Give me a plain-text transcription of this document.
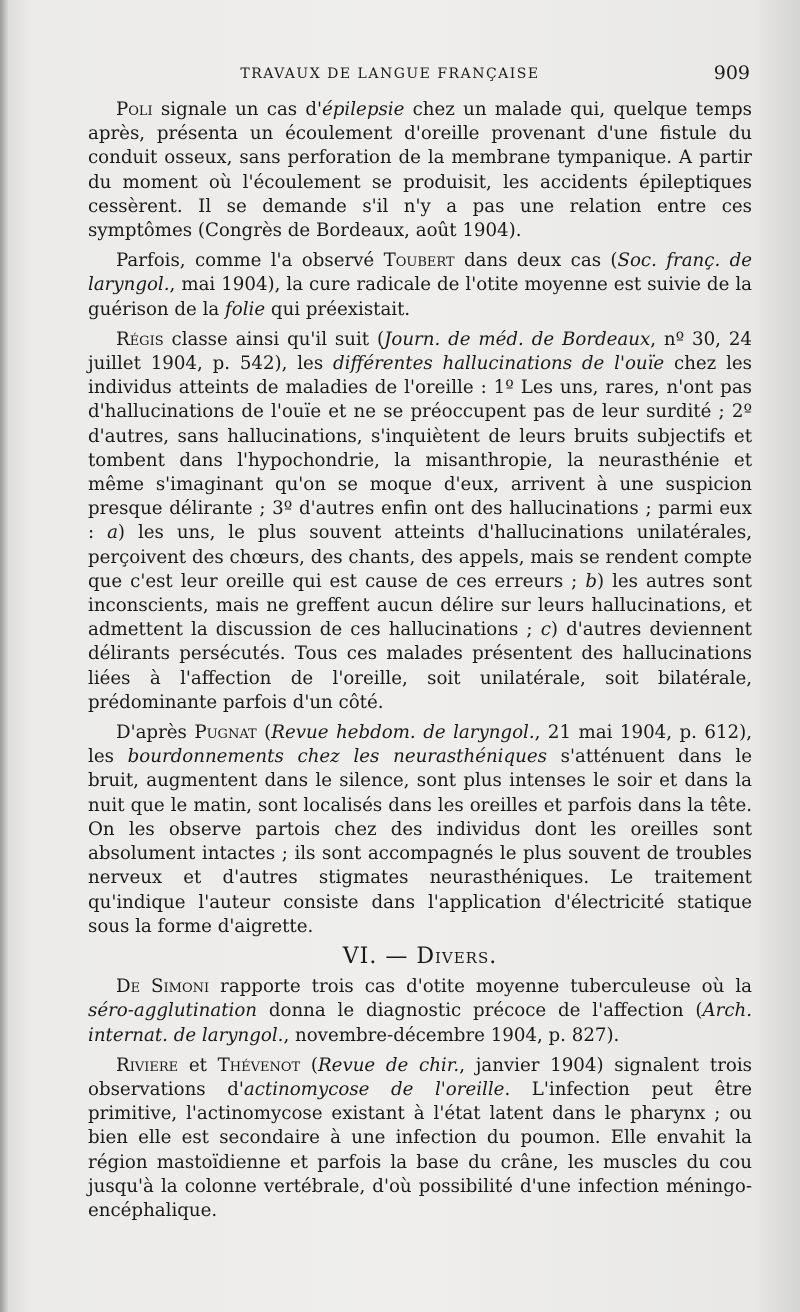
TRAVAUX DE LANGUE FRANÇAISE	909

Poli signale un cas d'épilepsie chez un malade qui, quelque temps après, présenta un écoulement d'oreille provenant d'une fistule du conduit osseux, sans perforation de la membrane tympanique. A partir du moment où l'écoulement se produisit, les accidents épileptiques cessèrent. Il se demande s'il n'y a pas une relation entre ces symptômes (Congrès de Bordeaux, août 1904).

Parfois, comme l'a observé Toubert dans deux cas (Soc. franç. de laryngol., mai 1904), la cure radicale de l'otite moyenne est suivie de la guérison de la folie qui préexistait.

Régis classe ainsi qu'il suit (Journ. de méd. de Bordeaux, nº 30, 24 juillet 1904, p. 542), les différentes hallucinations de l'ouïe chez les individus atteints de maladies de l'oreille : 1º Les uns, rares, n'ont pas d'hallucinations de l'ouïe et ne se préoccupent pas de leur surdité ; 2º d'autres, sans hallucinations, s'inquiètent de leurs bruits subjectifs et tombent dans l'hypochondrie, la misanthropie, la neurasthénie et même s'imaginant qu'on se moque d'eux, arrivent à une suspicion presque délirante ; 3º d'autres enfin ont des hallucinations ; parmi eux : a) les uns, le plus souvent atteints d'hallucinations unilatérales, perçoivent des chœurs, des chants, des appels, mais se rendent compte que c'est leur oreille qui est cause de ces erreurs ; b) les autres sont inconscients, mais ne greffent aucun délire sur leurs hallucinations, et admettent la discussion de ces hallucinations ; c) d'autres deviennent délirants persécutés. Tous ces malades présentent des hallucinations liées à l'affection de l'oreille, soit unilatérale, soit bilatérale, prédominante parfois d'un côté.

D'après Pugnat (Revue hebdom. de laryngol., 21 mai 1904, p. 612), les bourdonnements chez les neurasthéniques s'atténuent dans le bruit, augmentent dans le silence, sont plus intenses le soir et dans la nuit que le matin, sont localisés dans les oreilles et parfois dans la tête. On les observe partois chez des individus dont les oreilles sont absolument intactes ; ils sont accompagnés le plus souvent de troubles nerveux et d'autres stigmates neurasthéniques. Le traitement qu'indique l'auteur consiste dans l'application d'électricité statique sous la forme d'aigrette.

VI. — Divers.

De Simoni rapporte trois cas d'otite moyenne tuberculeuse où la séro-agglutination donna le diagnostic précoce de l'affection (Arch. internat. de laryngol., novembre-décembre 1904, p. 827).

Riviere et Thévenot (Revue de chir., janvier 1904) signalent trois observations d'actinomycose de l'oreille. L'infection peut être primitive, l'actinomycose existant à l'état latent dans le pharynx ; ou bien elle est secondaire à une infection du poumon. Elle envahit la région mastoïdienne et parfois la base du crâne, les muscles du cou jusqu'à la colonne vertébrale, d'où possibilité d'une infection méningo-encéphalique.
